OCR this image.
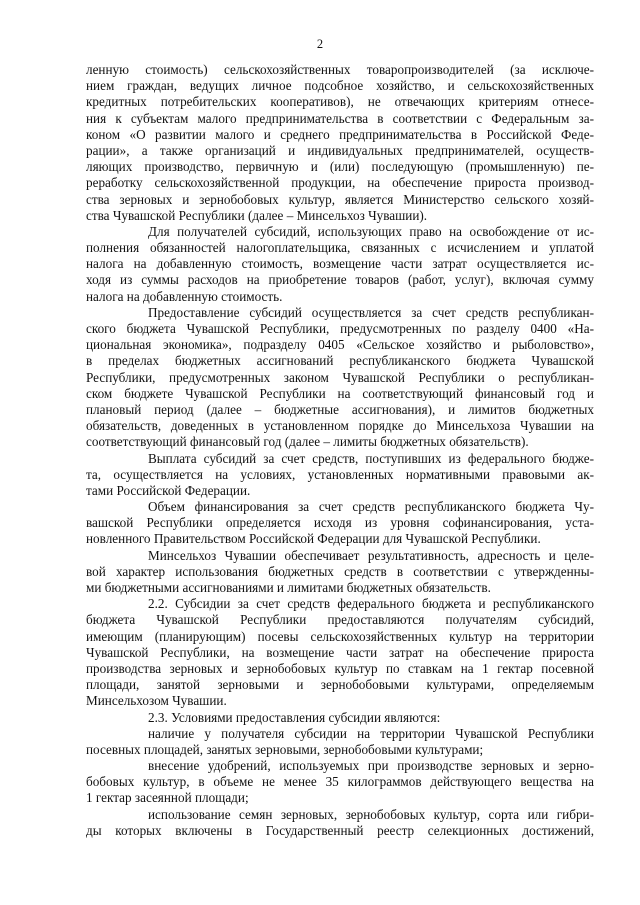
2
ленную стоимость) сельскохозяйственных товаропроизводителей (за исключе-
нием граждан, ведущих личное подсобное хозяйство, и сельскохозяйственных
кредитных потребительских кооперативов), не отвечающих критериям отнесе-
ния к субъектам малого предпринимательства в соответствии с Федеральным за-
коном «О развитии малого и среднего предпринимательства в Российской Феде-
рации», а также организаций и индивидуальных предпринимателей, осуществ-
ляющих производство, первичную и (или) последующую (промышленную) пе-
реработку сельскохозяйственной продукции, на обеспечение прироста производ-
ства зерновых и зернобобовых культур, является Министерство сельского хозяй-
ства Чувашской Республики (далее – Минсельхоз Чувашии).
Для получателей субсидий, использующих право на освобождение от ис-
полнения обязанностей налогоплательщика, связанных с исчислением и уплатой
налога на добавленную стоимость, возмещение части затрат осуществляется ис-
ходя из суммы расходов на приобретение товаров (работ, услуг), включая сумму
налога на добавленную стоимость.
Предоставление субсидий осуществляется за счет средств республикан-
ского бюджета Чувашской Республики, предусмотренных по разделу 0400 «На-
циональная экономика», подразделу 0405 «Сельское хозяйство и рыболовство»,
в пределах бюджетных ассигнований республиканского бюджета Чувашской
Республики, предусмотренных законом Чувашской Республики о республикан-
ском бюджете Чувашской Республики на соответствующий финансовый год и
плановый период (далее – бюджетные ассигнования), и лимитов бюджетных
обязательств, доведенных в установленном порядке до Минсельхоза Чувашии на
соответствующий финансовый год (далее – лимиты бюджетных обязательств).
Выплата субсидий за счет средств, поступивших из федерального бюдже-
та, осуществляется на условиях, установленных нормативными правовыми ак-
тами Российской Федерации.
Объем финансирования за счет средств республиканского бюджета Чу-
вашской Республики определяется исходя из уровня софинансирования, уста-
новленного Правительством Российской Федерации для Чувашской Республики.
Минсельхоз Чувашии обеспечивает результативность, адресность и целе-
вой характер использования бюджетных средств в соответствии с утвержденны-
ми бюджетными ассигнованиями и лимитами бюджетных обязательств.
2.2. Субсидии за счет средств федерального бюджета и республиканского
бюджета Чувашской Республики предоставляются получателям субсидий,
имеющим (планирующим) посевы сельскохозяйственных культур на территории
Чувашской Республики, на возмещение части затрат на обеспечение прироста
производства зерновых и зернобобовых культур по ставкам на 1 гектар посевной
площади, занятой зерновыми и зернобобовыми культурами, определяемым
Минсельхозом Чувашии.
2.3. Условиями предоставления субсидии являются:
наличие у получателя субсидии на территории Чувашской Республики
посевных площадей, занятых зерновыми, зернобобовыми культурами;
внесение удобрений, используемых при производстве зерновых и зерно-
бобовых культур, в объеме не менее 35 килограммов действующего вещества на
1 гектар засеянной площади;
использование семян зерновых, зернобобовых культур, сорта или гибри-
ды которых включены в Государственный реестр селекционных достижений,
